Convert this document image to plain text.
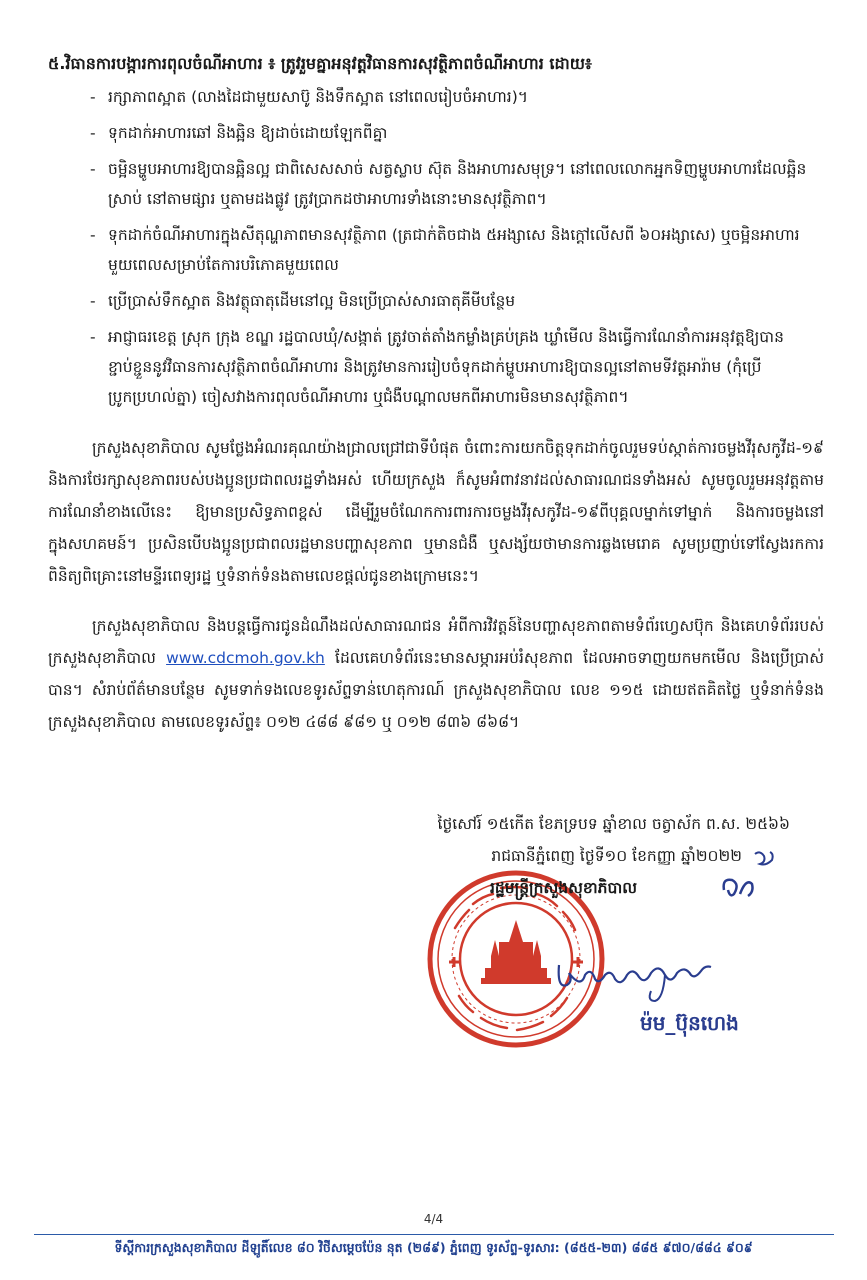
៥.វិធានការបង្ការការពុលចំណីអាហារ ៖ ត្រូវរួមគ្នាអនុវត្តវិធានការសុវត្ថិភាពចំណីអាហារ ដោយ៖

- រក្សាភាពស្អាត (លាងដៃជាមួយសាប៊ូ និងទឹកស្អាត នៅពេលរៀបចំអាហារ)។
- ទុកដាក់អាហារឆៅ និងឆ្អិន ឱ្យដាច់ដោយឡែកពីគ្នា
- ចម្អិនម្ហូបអាហារឱ្យបានឆ្អិនល្អ ជាពិសេសសាច់ សត្វស្លាប ស៊ុត និងអាហារសមុទ្រ។ នៅពេលលោកអ្នកទិញម្ហូបអាហារដែលឆ្អិនស្រាប់ នៅតាមផ្សារ ឬតាមដងផ្លូវ ត្រូវប្រាកដថាអាហារទាំងនោះមានសុវត្ថិភាព។
- ទុកដាក់ចំណីអាហារក្នុងសីតុណ្ហភាពមានសុវត្ថិភាព (ត្រជាក់តិចជាង ៥អង្សាសេ និងក្តៅលើសពី ៦០អង្សាសេ) ឬចម្អិនអាហារមួយពេលសម្រាប់តែការបរិភោគមួយពេល
- ប្រើប្រាស់ទឹកស្អាត និងវត្ថុធាតុដើមនៅល្អ មិនប្រើប្រាស់សារធាតុគីមីបន្ថែម
- អាជ្ញាធរខេត្ត ស្រុក ក្រុង ខណ្ឌ រដ្ឋបាលឃុំ/សង្កាត់ ត្រូវចាត់តាំងកម្លាំងគ្រប់គ្រង ឃ្លាំមើល និងធ្វើការណែនាំការអនុវត្តឱ្យបានខ្ជាប់ខ្ជួននូវវិធានការសុវត្ថិភាពចំណីអាហារ និងត្រូវមានការរៀបចំទុកដាក់ម្ហូបអាហារឱ្យបានល្អនៅតាមទីវត្តអារ៉ាម (កុំប្រើប្រូកប្រហល់ត្នា) ចៀសវាងការពុលចំណីអាហារ ឬជំងឺបណ្តាលមកពីអាហារមិនមានសុវត្ថិភាព។

ក្រសួងសុខាភិបាល សូមថ្លែងអំណរគុណយ៉ាងជ្រាលជ្រៅជាទីបំផុត ចំពោះការយកចិត្តទុកដាក់ចូលរួមទប់ស្កាត់ការចម្លងវីរុសកូវីដ-១៩ និងការថែរក្សាសុខភាពរបស់បងប្អូនប្រជាពលរដ្ឋទាំងអស់ ហើយក្រសួង ក៏សូមអំពាវនាវដល់សាធារណជនទាំងអស់ សូមចូលរួមអនុវត្តតាមការណែនាំខាងលើនេះ ឱ្យមានប្រសិទ្ធភាពខ្ពស់ ដើម្បីរួមចំណែកការពារការចម្លងវីរុសកូវីដ-១៩ពីបុគ្គលម្នាក់ទៅម្នាក់ និងការចម្លងនៅក្នុងសហគមន៍។ ប្រសិនបើបងប្អូនប្រជាពលរដ្ឋមានបញ្ហាសុខភាព ឬមានជំងឺ ឬសង្ស័យថាមានការឆ្លងមេរោគ សូមប្រញាប់ទៅស្វែងរកការពិនិត្យពិគ្រោះនៅមន្ទីរពេទ្យរដ្ឋ ឬទំនាក់ទំនងតាមលេខផ្តល់ជូនខាងក្រោមនេះ។

ក្រសួងសុខាភិបាល និងបន្តធ្វើការជូនដំណឹងដល់សាធារណជន អំពីការវិវត្តន៍នៃបញ្ហាសុខភាពតាមទំព័រហ្វេសប៊ុក និងគេហទំព័ររបស់ក្រសួងសុខាភិបាល www.cdcmoh.gov.kh ដែលគេហទំព័រនេះមានសម្ភារអប់រំសុខភាព ដែលអាចទាញយកមកមើល និងប្រើប្រាស់បាន។ សំរាប់ព័ត៌មានបន្ថែម សូមទាក់ទងលេខទូរស័ព្ទទាន់ហេតុការណ៍ ក្រសួងសុខាភិបាល លេខ ១១៥ ដោយឥតគិតថ្លៃ ឬទំនាក់ទំនងក្រសួងសុខាភិបាល តាមលេខទូរស័ព្ទ៖ ០១២ ៤៨៨ ៩៨១ ឬ ០១២ ៨៣៦ ៨៦៨។

ថ្ងៃសៅរ៍ ១៥កើត ខែភទ្របទ ឆ្នាំខាល ចត្វាស័ក ព.ស. ២៥៦៦
រាជធានីភ្នំពេញ ថ្ងៃទី១០ ខែកញ្ញា ឆ្នាំ២០២២
រដ្ឋមន្ត្រីក្រសួងសុខាភិបាល
ម៉ម_ប៊ុនហេង
4/4
ទីស្តីការក្រសួងសុខាភិបាល ដីឡូតិ៍លេខ ៨០ វិថីសម្តេចប៉ែន នុត (២៨៩) ភ្នំពេញ ទូរស័ព្ទ-ទូរសារ: (៨៥៥-២៣) ៨៨៥ ៩៧០/៨៨៤ ៩០៩
